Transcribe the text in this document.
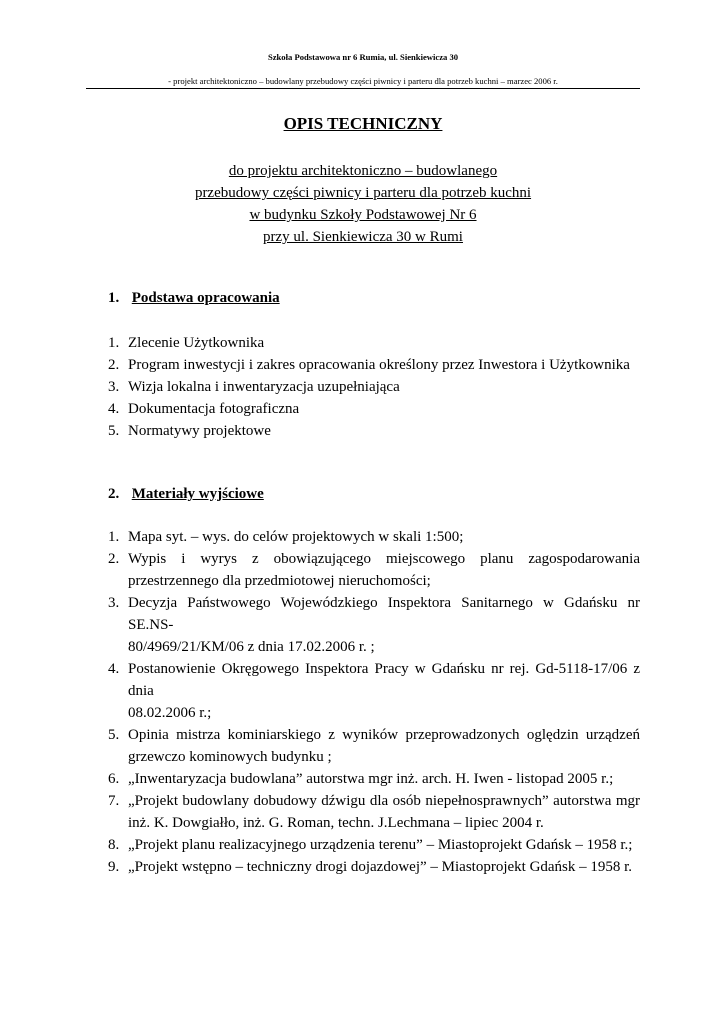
Szkoła Podstawowa nr 6 Rumia, ul. Sienkiewicza 30
- projekt architektoniczno – budowlany przebudowy części piwnicy i parteru dla potrzeb kuchni – marzec 2006 r.
OPIS TECHNICZNY
do projektu architektoniczno – budowlanego
przebudowy części piwnicy i parteru dla potrzeb kuchni
w budynku Szkoły Podstawowej Nr 6
przy ul. Sienkiewicza 30 w Rumi
1. Podstawa opracowania
1. Zlecenie Użytkownika
2. Program inwestycji i zakres opracowania określony przez Inwestora i Użytkownika
3. Wizja lokalna i inwentaryzacja uzupełniająca
4. Dokumentacja fotograficzna
5. Normatywy projektowe
2. Materiały wyjściowe
1. Mapa syt. – wys. do celów projektowych w skali 1:500;
2. Wypis i wyrys z obowiązującego miejscowego planu zagospodarowania
przestrzennego dla przedmiotowej nieruchomości;
3. Decyzja Państwowego Wojewódzkiego Inspektora Sanitarnego w Gdańsku nr SE.NS-
80/4969/21/KM/06 z dnia 17.02.2006 r. ;
4. Postanowienie Okręgowego Inspektora Pracy w Gdańsku nr rej. Gd-5118-17/06 z dnia
08.02.2006 r.;
5. Opinia mistrza kominiarskiego z wyników przeprowadzonych oględzin urządzeń
grzewczo kominowych budynku ;
6. „Inwentaryzacja budowlana” autorstwa mgr inż. arch. H. Iwen - listopad 2005 r.;
7. „Projekt budowlany dobudowy dźwigu dla osób niepełnosprawnych” autorstwa mgr
inż. K. Dowgiałło, inż. G. Roman, techn. J.Lechmana – lipiec 2004 r.
8. „Projekt planu realizacyjnego urządzenia terenu” – Miastoprojekt Gdańsk – 1958 r.;
9. „Projekt wstępno – techniczny drogi dojazdowej” – Miastoprojekt Gdańsk – 1958 r.
